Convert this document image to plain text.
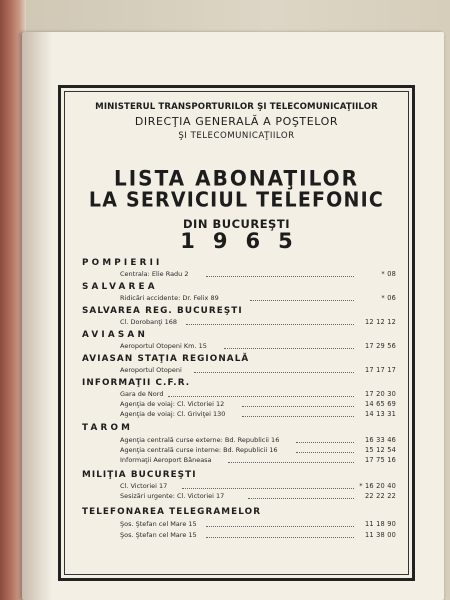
MINISTERUL TRANSPORTURILOR ŞI TELECOMUNICAŢIILOR
DIRECŢIA GENERALĂ A POŞTELOR
ŞI TELECOMUNICAŢIILOR
LISTA ABONAŢILOR
LA SERVICIUL TELEFONIC
DIN BUCUREŞTI
1965
POMPIERII
Centrala: Elie Radu 2	* 08
SALVAREA
Ridicări accidente: Dr. Felix 89	* 06
SALVAREA REG. BUCUREŞTI
Cl. Dorobanţi 168	12 12 12
AVIASAN
Aeroportul Otopeni Km. 15	17 29 56
AVIASAN STAŢIA REGIONALĂ
Aeroportul Otopeni	17 17 17
INFORMAŢII C.F.R.
Gara de Nord	17 20 30
Agenţia de voiaj: Cl. Victoriei 12	14 65 69
Agenţia de voiaj: Cl. Griviţei 130	14 13 31
TAROM
Agenţia centrală curse externe: Bd. Republicii 16	16 33 46
Agenţia centrală curse interne: Bd. Republicii 16	15 12 54
Informaţii Aeroport Băneasa	17 75 16
MILIŢIA BUCUREŞTI
Cl. Victoriei 17	* 16 20 40
Sesizări urgente: Cl. Victoriei 17	22 22 22
TELEFONAREA TELEGRAMELOR
Şos. Ştefan cel Mare 15	11 18 90
Şos. Ştefan cel Mare 15	11 38 00
